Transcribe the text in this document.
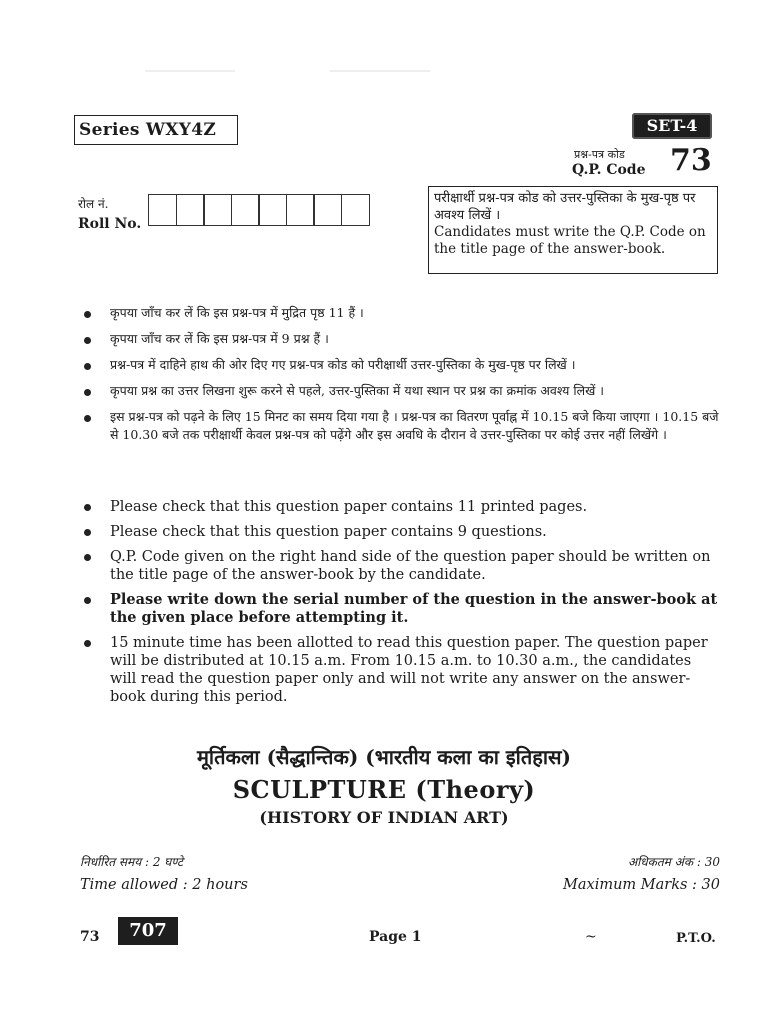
Series WXY4Z	SET-4
प्रश्न-पत्र कोड
Q.P. Code 73
रोल नं.
Roll No.

परीक्षार्थी प्रश्न-पत्र कोड को उत्तर-पुस्तिका के मुख-पृष्ठ पर अवश्य लिखें ।

Candidates must write the Q.P. Code on the title page of the answer-book.

कृपया जाँच कर लें कि इस प्रश्न-पत्र में मुद्रित पृष्ठ 11 हैं ।
कृपया जाँच कर लें कि इस प्रश्न-पत्र में 9 प्रश्न हैं ।
प्रश्न-पत्र में दाहिने हाथ की ओर दिए गए प्रश्न-पत्र कोड को परीक्षार्थी उत्तर-पुस्तिका के मुख-पृष्ठ पर लिखें ।
कृपया प्रश्न का उत्तर लिखना शुरू करने से पहले, उत्तर-पुस्तिका में यथा स्थान पर प्रश्न का क्रमांक अवश्य लिखें ।
इस प्रश्न-पत्र को पढ़ने के लिए 15 मिनट का समय दिया गया है । प्रश्न-पत्र का वितरण पूर्वाह्न में 10.15 बजे किया जाएगा । 10.15 बजे से 10.30 बजे तक परीक्षार्थी केवल प्रश्न-पत्र को पढ़ेंगे और इस अवधि के दौरान वे उत्तर-पुस्तिका पर कोई उत्तर नहीं लिखेंगे ।
Please check that this question paper contains 11 printed pages.
Please check that this question paper contains 9 questions.
Q.P. Code given on the right hand side of the question paper should be written on the title page of the answer-book by the candidate.
Please write down the serial number of the question in the answer-book at the given place before attempting it.
15 minute time has been allotted to read this question paper. The question paper will be distributed at 10.15 a.m. From 10.15 a.m. to 10.30 a.m., the candidates will read the question paper only and will not write any answer on the answer-book during this period.
मूर्तिकला (सैद्धान्तिक) (भारतीय कला का इतिहास)
SCULPTURE (Theory)
(HISTORY OF INDIAN ART)
निर्धारित समय : 2 घण्टे
Time allowed : 2 hours
अधिकतम अंक : 30
Maximum Marks : 30
73	707	Page 1	~	P.T.O.
